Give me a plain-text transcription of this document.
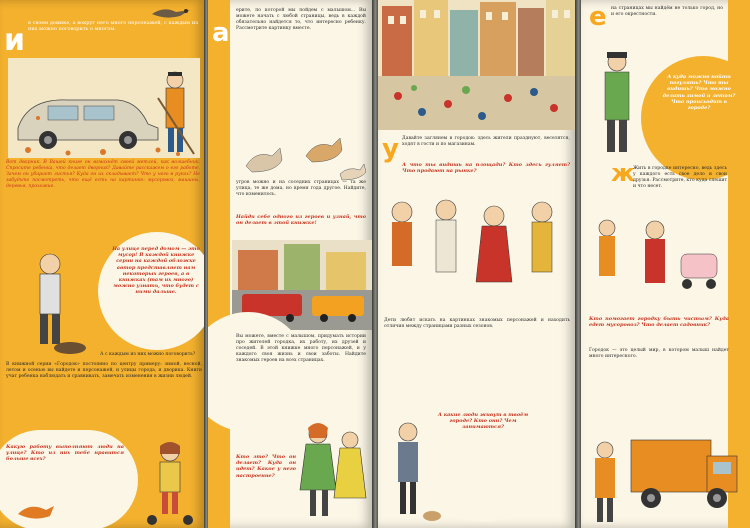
и в своем домике, а вокруг него много персонажей, с каждым из них можно поговорить о многом.
Вот дворник. В Вашей книге он взмахнёт своей метлой, как волшебник. Спросите ребенка, что делает дворник? Давайте расскажем о его работе. Зачем он убирает листья? Куда он их складывает? Что у него в руках? Не забудьте посмотреть, что ещё есть на картинке: мусоровоз, машины, деревья, прохожие.
На улице перед домом — это мусор! В каждой книжке серии на каждой обложке автор представляет нам некоторых героев, а в книжках (там их много) можно узнать, что будет с ними дальше.
А с каждым из них можно поговорить?
В книжной серии «Городок» постоянно по центру примеру: зимой, весной, летом и осенью вы найдете и персонажей, и улицы города, и дворика. Книги учат ребенка наблюдать и сравнивать, замечать изменения в жизни людей.
Какую работу выполняют люди на улице? Кто из них тебе нравится больше всех?
а
ерите, по которой мы пойдем с малышом... Вы можете начать с любой страницы, ведь в каждой обязательно найдется то, что интересно ребенку. Рассмотрите картинку вместе.
угров можно и на соседних страницах — та же улица, те же дома, но время года другое. Найдите, что изменилось.
Найди себе одного из героев и узнай, что он делает в этой книжке!
Вы можете, вместе с малышом, придумать истории про жителей городка, их работу, их друзей и соседей. В этой книжке много персонажей, и у каждого своя жизнь и свои заботы. Найдите знакомых героев на всех страницах.
Кто это? Что он делает? Куда он идет? Какое у него настроение?
у Давайте заглянем в городок: здесь жители празднуют, веселятся, ходят в гости и по магазинам.
А что ты видишь на площади? Кто здесь гуляет? Что продают на рынке?
Дети любят искать на картинках знакомых персонажей и находить отличия между страницами разных сезонов.
А какие люди живут в твоём городе? Кто они? Чем занимаются?
е на страницах мы найдём не только город, но и его окрестности.
А куда можно пойти погулять? Что ты видишь? Что можно делать зимой и летом? Что происходит в городе?
ж
Жить в городке интересно, ведь здесь у каждого есть свое дело и свои друзья. Рассмотрите, кто куда спешит и что несет.
Кто помогает городку быть чистым? Куда едет мусоровоз? Что делает садовник?
Городок — это целый мир, в котором малыш найдет много интересного.
